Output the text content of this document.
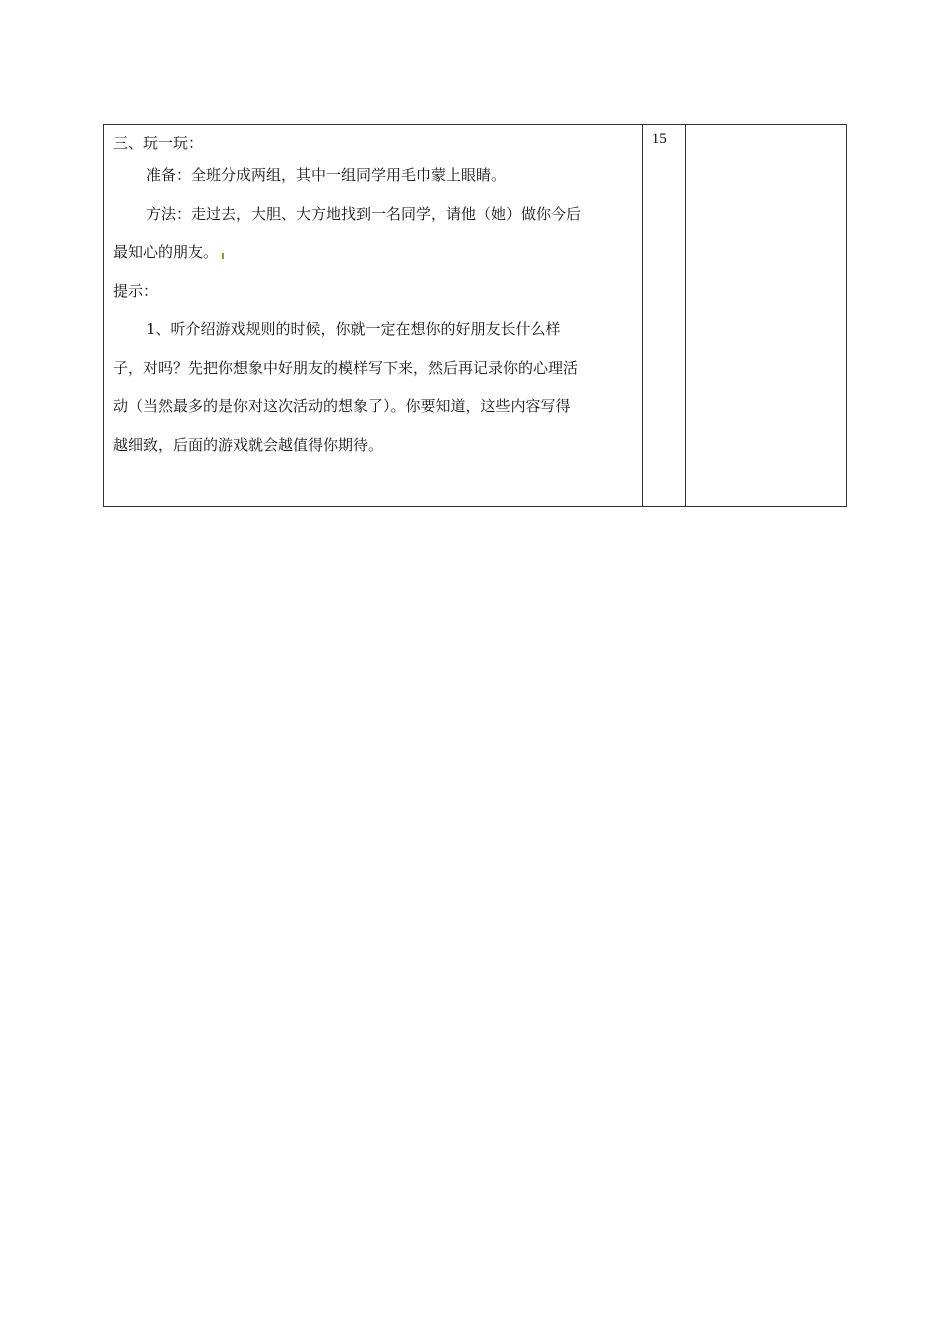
三、玩一玩：

准备：全班分成两组，其中一组同学用毛巾蒙上眼睛。

方法：走过去，大胆、大方地找到一名同学，请他（她）做你今后

最知心的朋友。

提示：

1、听介绍游戏规则的时候，你就一定在想你的好朋友长什么样

子，对吗？先把你想象中好朋友的模样写下来，然后再记录你的心理活

动（当然最多的是你对这次活动的想象了）。你要知道，这些内容写得

越细致，后面的游戏就会越值得你期待。

	15	
